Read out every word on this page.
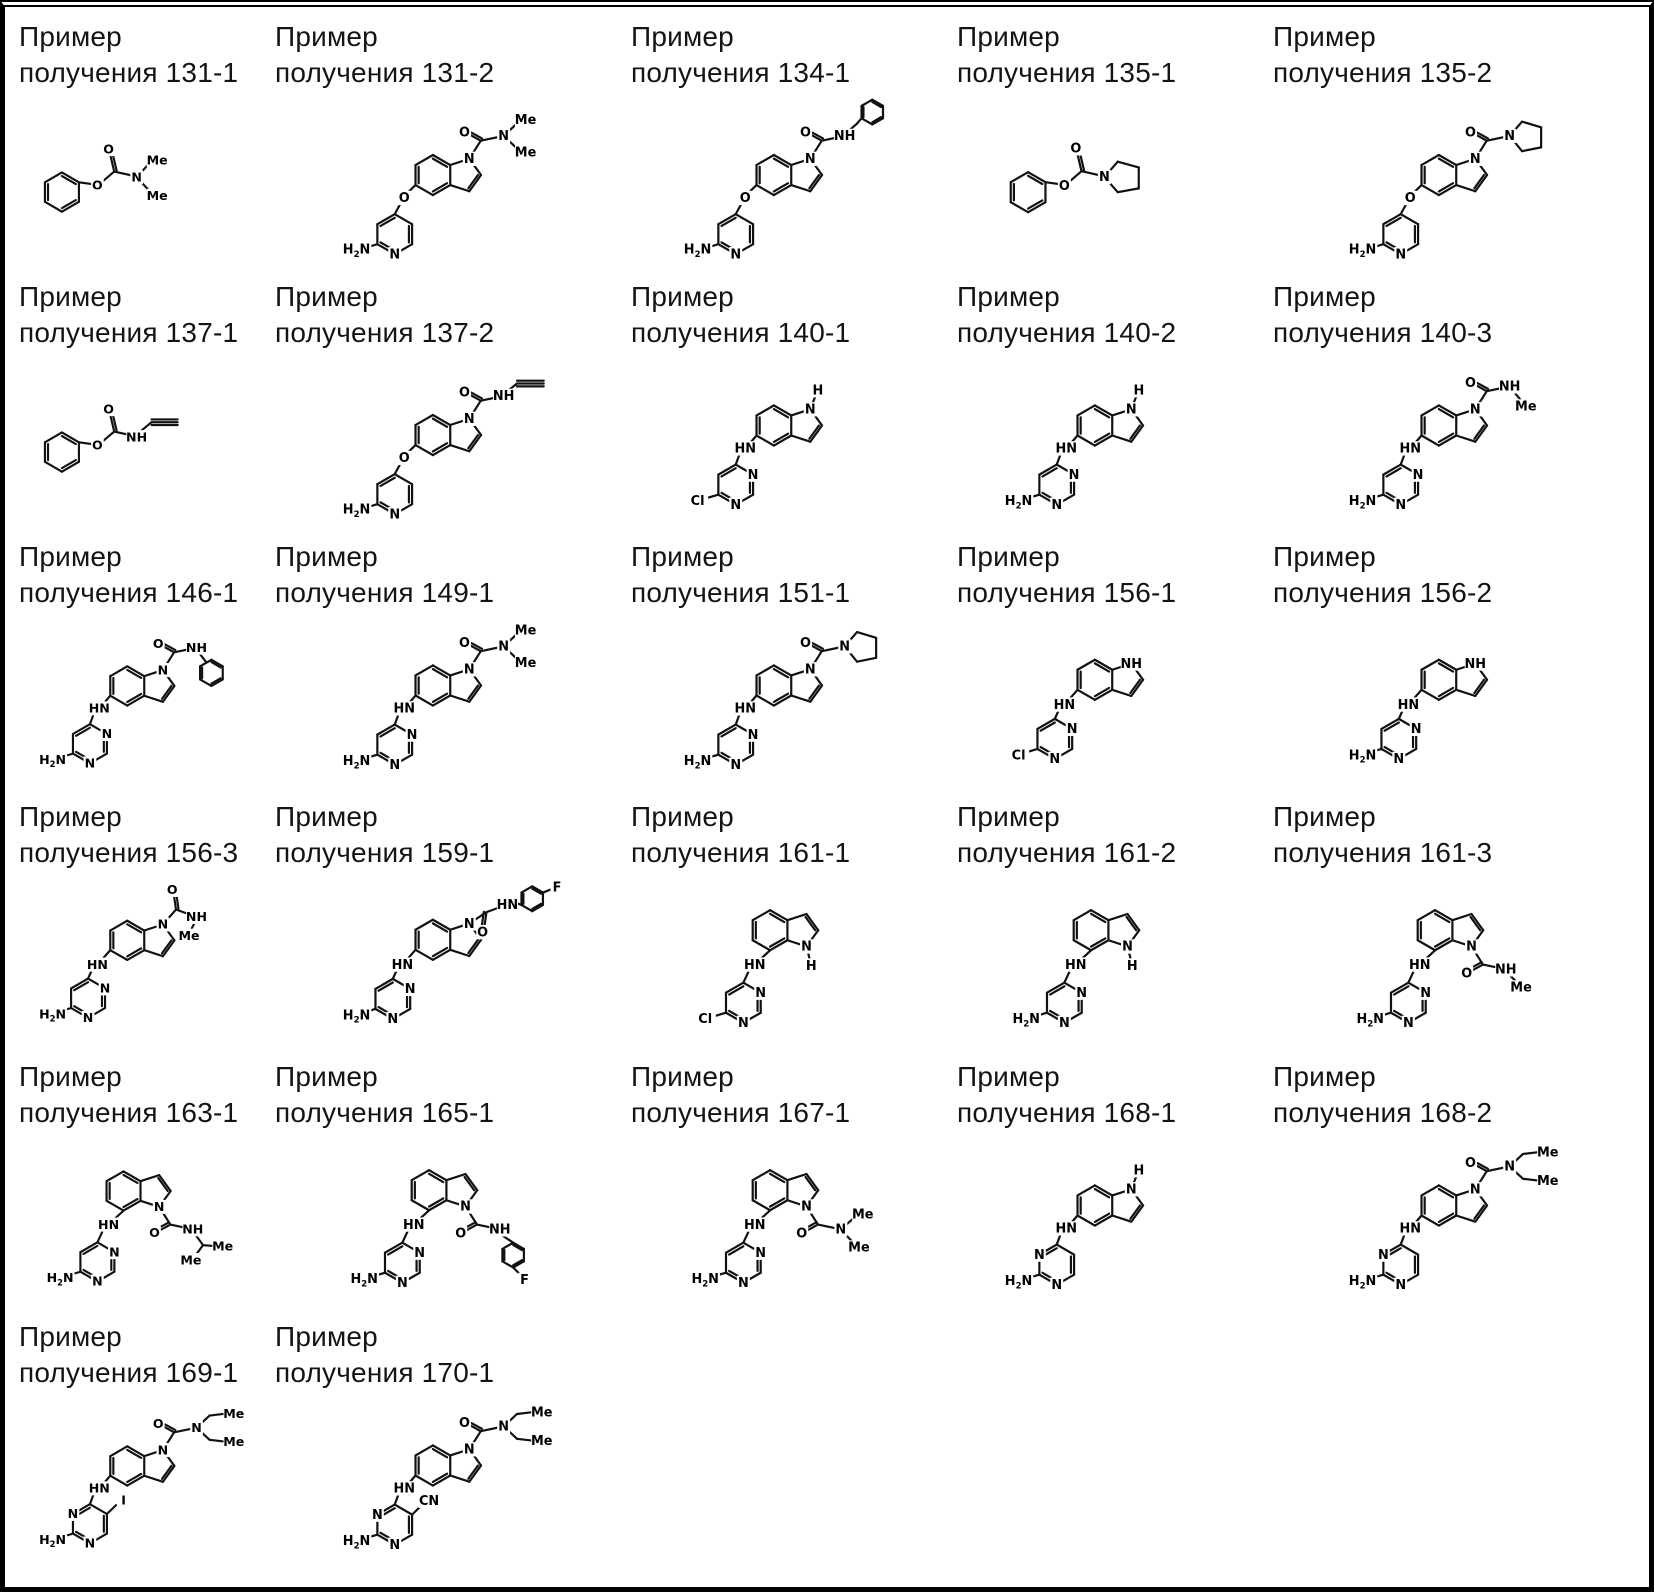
Пример
получения 131-1
O
O
N
Me
Me
Пример
получения 131-2
O N
Me
Me
N
O
N
$H_2N$
Пример
получения 134-1
O NH
N
O
N
$H_2N$
Пример
получения 135-1
O
O
N
Пример
получения 135-2
O N
N
O
N
$H_2N$
Пример
получения 137-1
O
O
NH
Пример
получения 137-2
O NH
N
O
N
$H_2N$
Пример
получения 140-1
H
N
HN
N
N
Cl
Пример
получения 140-2
H
N
HN
N
N
$H_2N$
Пример
получения 140-3
O NH
Me
N
HN
N
N
$H_2N$
Пример
получения 146-1
O NH
N
HN
N
N
$H_2N$
Пример
получения 149-1
O N
Me
Me
N
HN
N
N
$H_2N$
Пример
получения 151-1
O N
N
HN
N
N
$H_2N$
Пример
получения 156-1
NH
HN
N
N
Cl
Пример
получения 156-2
NH
HN
N
N
$H_2N$
Пример
получения 156-3
N
O
NH
Me
HN
N
N
$H_2N$
Пример
получения 159-1
N
O
HN
F
HN
N
N
$H_2N$
Пример
получения 161-1
H
N
HN
N
N
Cl
Пример
получения 161-2
H
N
HN
N
N
$H_2N$
Пример
получения 161-3
O NH
Me
N
HN
N
N
$H_2N$
Пример
получения 163-1
O NH
Me
Me
N
HN
N
N
$H_2N$
Пример
получения 165-1
O NH
F
N
HN
N
N
$H_2N$
Пример
получения 167-1
O N
Me
Me
N
HN
N
N
$H_2N$
Пример
получения 168-1
H
N
HN
N
N
$H_2N$
Пример
получения 168-2
O N
Me
Me
N
HN
N
N
$H_2N$
Пример
получения 169-1
O N
Me
Me
N
HN
N
N
$H_2N$
I
Пример
получения 170-1
O N
Me
Me
N
HN
N
N
$H_2N$
CN
